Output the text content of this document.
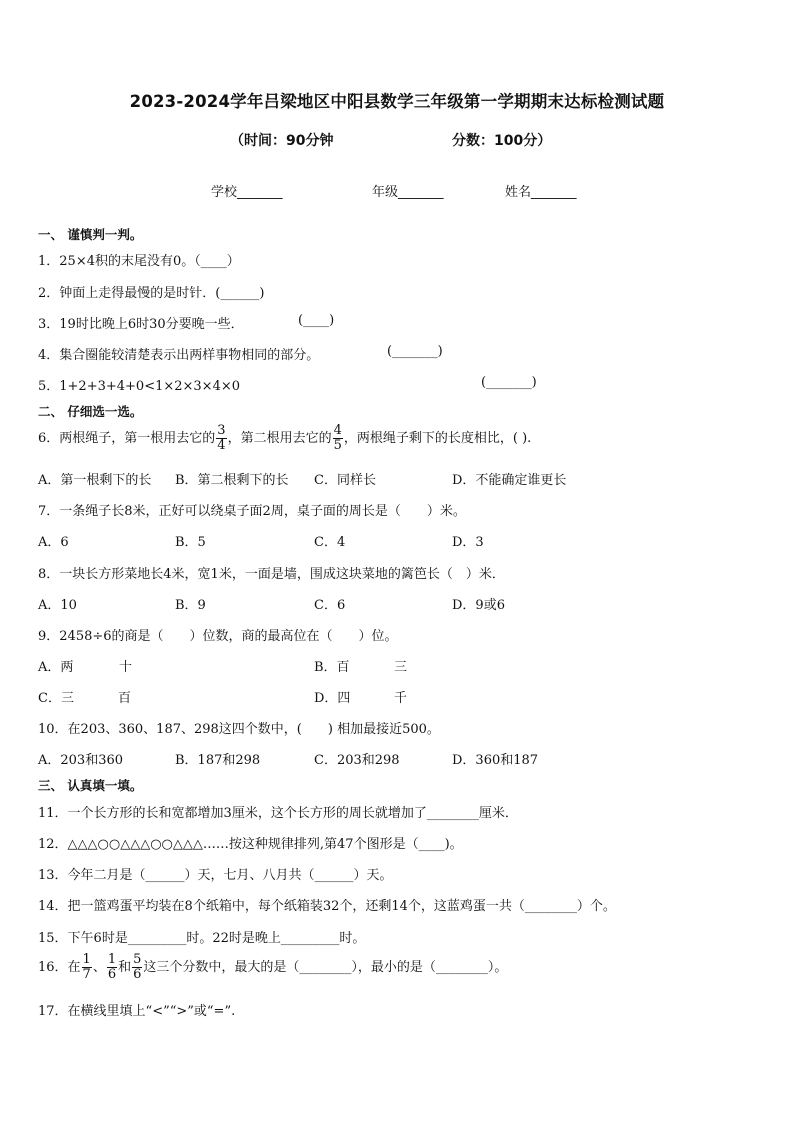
2023-2024学年吕梁地区中阳县数学三年级第一学期期末达标检测试题
（时间：90分钟	分数：100分）
学校_______	年级_______	姓名_______
一、 谨慎判一判。
1．25×4积的末尾没有0。（____）
2．钟面上走得最慢的是时针．(______)
3．19时比晚上6时30分要晚一些．	(____)
4．集合圈能较清楚表示出两样事物相同的部分。	(_______)
5．1+2+3+4+0<1×2×3×4×0	(_______)
二、 仔细选一选。
6．两根绳子，第一根用去它的 $\frac{3}{4}$ ，第二根用去它的 $\frac{4}{5}$ ，两根绳子剩下的长度相比，( ).
A．第一根剩下的长 B．第二根剩下的长 C．同样长	D．不能确定谁更长
7．一条绳子长8米，正好可以绕桌子面2周，桌子面的周长是（　　）米。
A．6	B．5	C．4	D．3
8．一块长方形菜地长4米，宽1米，一面是墙，围成这块菜地的篱笆长（　）米．
A．10	B．9	C．6	D．9或6
9．2458÷6的商是（　　）位数，商的最高位在（　　）位。
A．两	十	B．百	三
C．三	百	D．四	千
10．在203、360、187、298这四个数中，(　　) 相加最接近500。
A．203和360	B．187和298	C．203和298	D．360和187
三、 认真填一填。
11．一个长方形的长和宽都增加3厘米，这个长方形的周长就增加了________厘米．
12．△△△○○△△△○○△△△……按这种规律排列,第47个图形是（____)。
13．今年二月是（______）天，七月、八月共（______）天。
14．把一篮鸡蛋平均装在8个纸箱中，每个纸箱装32个，还剩14个，这蓝鸡蛋一共（________）个。
15．下午6时是_________时。22时是晚上_________时。
16．在 $\frac{1}{7}$ 、 $\frac{1}{6}$ 和 $\frac{5}{6}$ 这三个分数中，最大的是（________），最小的是（________）。
17．在横线里填上“<”“>”或“=”.
